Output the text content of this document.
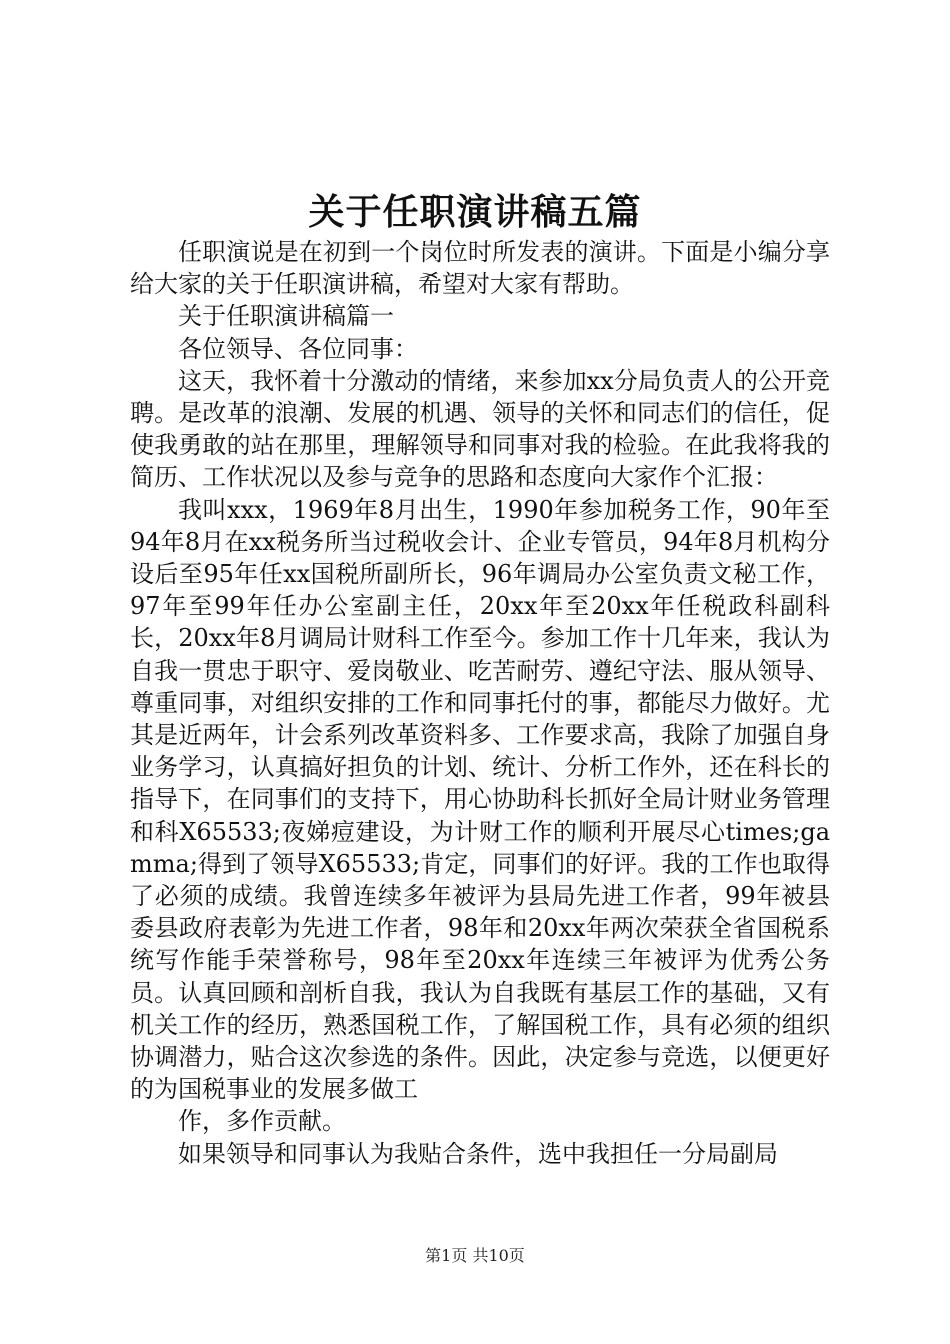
关于任职演讲稿五篇

任职演说是在初到一个岗位时所发表的演讲。下面是小编分享给大家的关于任职演讲稿，希望对大家有帮助。

关于任职演讲稿篇一

各位领导、各位同事：

这天，我怀着十分激动的情绪，来参加xx分局负责人的公开竞聘。是改革的浪潮、发展的机遇、领导的关怀和同志们的信任，促使我勇敢的站在那里，理解领导和同事对我的检验。在此我将我的简历、工作状况以及参与竞争的思路和态度向大家作个汇报：

我叫xxx，1969年8月出生，1990年参加税务工作，90年至94年8月在xx税务所当过税收会计、企业专管员，94年8月机构分设后至95年任xx国税所副所长，96年调局办公室负责文秘工作，97年至99年任办公室副主任，20xx年至20xx年任税政科副科长，20xx年8月调局计财科工作至今。参加工作十几年来，我认为自我一贯忠于职守、爱岗敬业、吃苦耐劳、遵纪守法、服从领导、尊重同事，对组织安排的工作和同事托付的事，都能尽力做好。尤其是近两年，计会系列改革资料多、工作要求高，我除了加强自身业务学习，认真搞好担负的计划、统计、分析工作外，还在科长的指导下，在同事们的支持下，用心协助科长抓好全局计财业务管理和科X65533;夜娣痘建设，为计财工作的顺利开展尽心times;gamma;得到了领导X65533;肯定，同事们的好评。我的工作也取得了必须的成绩。我曾连续多年被评为县局先进工作者，99年被县委县政府表彰为先进工作者，98年和20xx年两次荣获全省国税系统写作能手荣誉称号，98年至20xx年连续三年被评为优秀公务员。认真回顾和剖析自我，我认为自我既有基层工作的基础，又有机关工作的经历，熟悉国税工作，了解国税工作，具有必须的组织协调潜力，贴合这次参选的条件。因此，决定参与竞选，以便更好的为国税事业的发展多做工

作，多作贡献。

如果领导和同事认为我贴合条件，选中我担任一分局副局

第1页 共10页
